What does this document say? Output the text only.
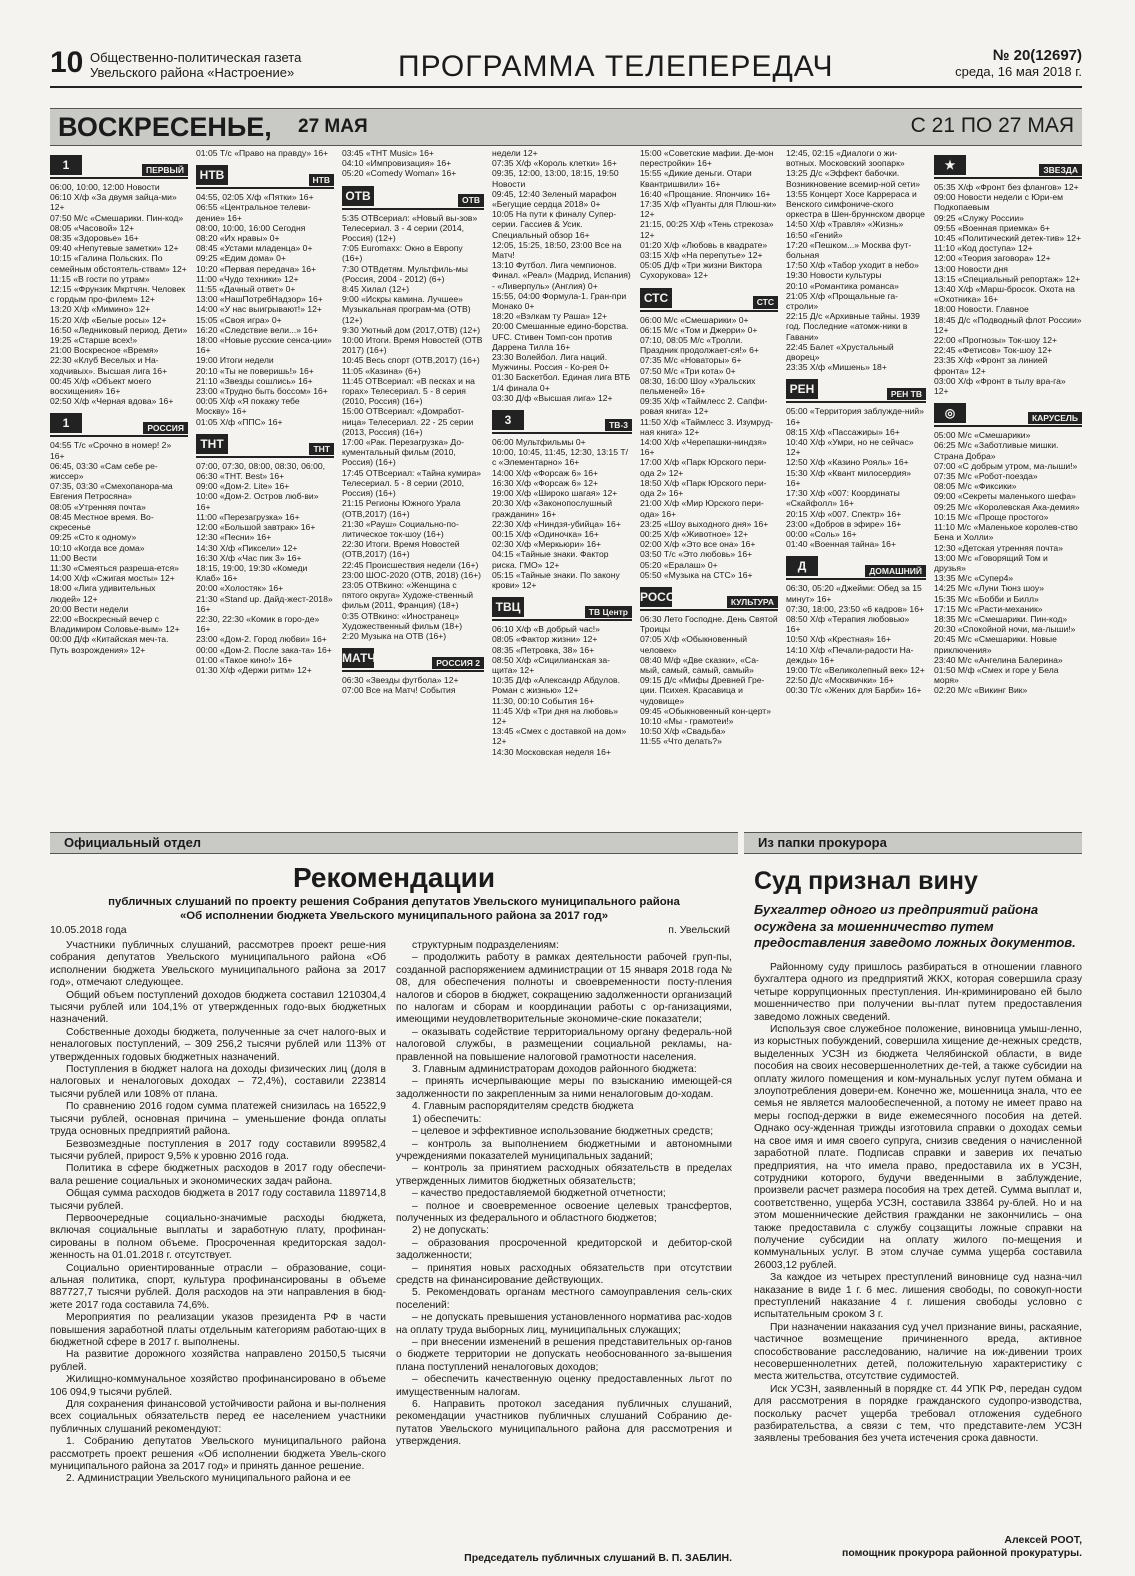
10 Общественно-политическая газета
Увельского района «Настроение»	ПРОГРАММА ТЕЛЕПЕРЕДАЧ	№ 20(12697)
среда, 16 мая 2018 г.
ВОСКРЕСЕНЬЕ, 27 МАЯ	С 21 ПО 27 МАЯ
1	ПЕРВЫЙ
06:00, 10:00, 12:00 Новости
06:10 Х/ф «За двумя зайца-ми» 12+
07:50 М/с «Смешарики. Пин-код»
08:05 «Часовой» 12+
08:35 «Здоровье» 16+
09:40 «Непутевые заметки» 12+
10:15 «Галина Польских. По семейным обстоятель-ствам» 12+
11:15 «В гости по утрам»
12:15 «Фрунзик Мкртчян. Человек с гордым про-филем» 12+
13:20 Х/ф «Мимино» 12+
15:20 Х/ф «Белые росы» 12+
16:50 «Ледниковый период. Дети»
19:25 «Старше всех!»
21:00 Воскресное «Время»
22:30 «Клуб Веселых и На-ходчивых». Высшая лига 16+
00:45 Х/ф «Объект моего восхищения» 16+
02:50 Х/ф «Черная вдова» 16+
1	РОССИЯ
04:55 Т/с «Срочно в номер! 2» 16+
06:45, 03:30 «Сам себе ре-жиссер»
07:35, 03:30 «Смехопанора-ма Евгения Петросяна»
08:05 «Утренняя почта»
08:45 Местное время. Во-скресенье
09:25 «Сто к одному»
10:10 «Когда все дома»
11:00 Вести
11:30 «Смеяться разреша-ется»
14:00 Х/ф «Сжигая мосты» 12+
18:00 «Лига удивительных людей» 12+
20:00 Вести недели
22:00 «Воскресный вечер с Владимиром Соловье-вым» 12+
00:00 Д/ф «Китайская меч-та. Путь возрождения» 12+
01:05 Т/с «Право на правду» 16+
НТВ	НТВ
04:55, 02:05 Х/ф «Пятки» 16+
06:55 «Центральное телеви-дение» 16+
08:00, 10:00, 16:00 Сегодня
08:20 «Их нравы» 0+
08:45 «Устами младенца» 0+
09:25 «Едим дома» 0+
10:20 «Первая передача» 16+
11:00 «Чудо техники» 12+
11:55 «Дачный ответ» 0+
13:00 «НашПотребНадзор» 16+
14:00 «У нас выигрывают!» 12+
15:05 «Своя игра» 0+
16:20 «Следствие вели...» 16+
18:00 «Новые русские сенса-ции» 16+
19:00 Итоги недели
20:10 «Ты не поверишь!» 16+
21:10 «Звезды сошлись» 16+
23:00 «Трудно быть боссом» 16+
00:05 Х/ф «Я покажу тебе Москву» 16+
01:05 Х/ф «ППС» 16+
ТНТ	ТНТ
07:00, 07:30, 08:00, 08:30, 06:00, 06:30 «ТНТ. Best» 16+
09:00 «Дом-2. Lite» 16+
10:00 «Дом-2. Остров люб-ви» 16+
11:00 «Перезагрузка» 16+
12:00 «Большой завтрак» 16+
12:30 «Песни» 16+
14:30 Х/ф «Пиксели» 12+
16:30 Х/ф «Час пик 3» 16+
18:15, 19:00, 19:30 «Комеди Клаб» 16+
20:00 «Холостяк» 16+
21:30 «Stand up. Дайд-жест-2018» 16+
22:30, 22:30 «Комик в горо-де» 16+
23:00 «Дом-2. Город любви» 16+
00:00 «Дом-2. После зака-та» 16+
01:00 «Такое кино!» 16+
01:30 Х/ф «Держи ритм» 12+
03:45 «ТНТ Music» 16+
04:10 «Импровизация» 16+
05:20 «Comedy Woman» 16+
ОТВ	ОТВ
5:35 ОТВсериал: «Новый вы-зов» Телесериал. 3 - 4 серии (2014, Россия) (12+)
7:05 Euromaxx: Окно в Европу (16+)
7:30 ОТВдетям. Мультфиль-мы (Россия, 2004 - 2012) (6+)
8:45 Хилал (12+)
9:00 «Искры камина. Лучшее» Музыкальная програм-ма (ОТВ) (12+)
9:30 Уютный дом (2017,ОТВ) (12+)
10:00 Итоги. Время Новостей (ОТВ 2017) (16+)
10:45 Весь спорт (ОТВ,2017) (16+)
11:05 «Казина» (6+)
11:45 ОТВсериал: «В песках и на горах» Телесериал. 5 - 8 серия (2010, Россия) (16+)
15:00 ОТВсериал: «Домработ-ница» Телесериал. 22 - 25 серии (2013, Россия) (16+)
17:00 «Рак. Перезагрузка» До-кументальный фильм (2010, Россия) (16+)
17:45 ОТВсериал: «Тайна кумира» Телесериал. 5 - 8 серии (2010, Россия) (16+)
21:15 Регионы Южного Урала (ОТВ,2017) (16+)
21:30 «Рауш» Социально-по-литическое ток-шоу (16+)
22:30 Итоги. Время Новостей (ОТВ,2017) (16+)
22:45 Происшествия недели (16+)
23:00 ШОС-2020 (ОТВ, 2018) (16+)
23:05 ОТВкино: «Женщина с пятого округа» Художе-ственный фильм (2011, Франция) (18+)
0:35 ОТВкино: «Иностранец» Художественный фильм (18+)
2:20 Музыка на ОТВ (16+)
МАТЧ!	РОССИЯ 2
06:30 «Звезды футбола» 12+
07:00 Все на Матч! События
недели 12+
07:35 Х/ф «Король клетки» 16+
09:35, 12:00, 13:00, 18:15, 19:50 Новости
09:45, 12:40 Зеленый марафон «Бегущие сердца 2018» 0+
10:05 На пути к финалу Супер-серии. Гассиев & Усик. Специальный обзор 16+
12:05, 15:25, 18:50, 23:00 Все на Матч!
13:10 Футбол. Лига чемпионов. Финал. «Реал» (Мадрид, Испания) - «Ливерпуль» (Англия) 0+
15:55, 04:00 Формула-1. Гран-при Монако 0+
18:20 «Вэлкам ту Раша» 12+
20:00 Смешанные едино-борства. UFC. Стивен Томп-сон против Даррена Тилла 16+
23:30 Волейбол. Лига наций. Мужчины. Россия - Ко-рея 0+
01:30 Баскетбол. Единая лига ВТБ 1/4 финала 0+
03:30 Д/ф «Высшая лига» 12+
3	ТВ-3
06:00 Мультфильмы 0+
10:00, 10:45, 11:45, 12:30, 13:15 Т/с «Элементарно» 16+
14:00 Х/ф «Форсаж 6» 16+
16:30 Х/ф «Форсаж 6» 12+
19:00 Х/ф «Широко шагая» 12+
20:30 Х/ф «Законопослушный гражданин» 16+
22:30 Х/ф «Ниндзя-убийца» 16+
00:15 Х/ф «Одиночка» 16+
02:30 Х/ф «Меркьюри» 16+
04:15 «Тайные знаки. Фактор риска. ГМО» 12+
05:15 «Тайные знаки. По закону крови» 12+
ТВЦ	ТВ Центр
06:10 Х/ф «В добрый час!»
08:05 «Фактор жизни» 12+
08:35 «Петровка, 38» 16+
08:50 Х/ф «Сицилианская за-щита» 12+
10:35 Д/ф «Александр Абдулов. Роман с жизнью» 12+
11:30, 00:10 События 16+
11:45 Х/ф «Три дня на любовь» 12+
13:45 «Смех с доставкой на дом» 12+
14:30 Московская неделя 16+
15:00 «Советские мафии. Де-мон перестройки» 16+
15:55 «Дикие деньги. Отари Квантришвили» 16+
16:40 «Прощание. Япончик» 16+
17:35 Х/ф «Пуанты для Плюш-ки» 12+
21:15, 00:25 Х/ф «Тень стрекоза» 12+
01:20 Х/ф «Любовь в квадрате»
03:15 Х/ф «На перепутье» 12+
05:05 Д/ф «Три жизни Виктора Сухорукова» 12+
СТС	СТС
06:00 М/с «Смешарики» 0+
06:15 М/с «Том и Джерри» 0+
07:10, 08:05 М/с «Тролли. Праздник продолжает-ся!» 6+
07:35 М/с «Новаторы» 6+
07:50 М/с «Три кота» 0+
08:30, 16:00 Шоу «Уральских пельменей» 16+
09:35 Х/ф «Таймлесс 2. Сапфи-ровая книга» 12+
11:50 Х/ф «Таймлесс 3. Изумруд-ная книга» 12+
14:00 Х/ф «Черепашки-ниндзя» 16+
17:00 Х/ф «Парк Юрского пери-ода 2» 12+
18:50 Х/ф «Парк Юрского пери-ода 2» 16+
21:00 Х/ф «Мир Юрского пери-ода» 16+
23:25 «Шоу выходного дня» 16+
00:25 Х/ф «Животное» 12+
02:00 Х/ф «Это все она» 16+
03:50 Т/с «Это любовь» 16+
05:20 «Ералаш» 0+
05:50 «Музыка на СТС» 16+
РОССИЯ	КУЛЬТУРА
06:30 Лето Господне. День Святой Троицы
07:05 Х/ф «Обыкновенный человек»
08:40 М/ф «Две сказки», «Са-мый, самый, самый, самый»
09:15 Д/с «Мифы Древней Гре-ции. Психея. Красавица и чудовище»
09:45 «Обыкновенный кон-церт»
10:10 «Мы - грамотеи!»
10:50 Х/ф «Свадьба»
11:55 «Что делать?»
12:45, 02:15 «Диалоги о жи-вотных. Московский зоопарк»
13:25 Д/с «Эффект бабочки. Возникновение всемир-ной сети»
13:55 Концерт Хосе Каррераса и Венского симфониче-ского оркестра в Шен-бруннском дворце
14:50 Х/ф «Травля» «Жизнь»
16:50 «Гений»
17:20 «Пешком...» Москва фут-больная
17:50 Х/ф «Табор уходит в небо»
19:30 Новости культуры
20:10 «Романтика романса»
21:05 Х/ф «Прощальные га-строли»
22:15 Д/с «Архивные тайны. 1939 год. Последние «атомж-ники в Гавани»
22:45 Балет «Хрустальный дворец»
23:35 Х/ф «Мишень» 18+
РЕН	РЕН ТВ
05:00 «Территория заблужде-ний» 16+
08:15 Х/ф «Пассажиры» 16+
10:40 Х/ф «Умри, но не сейчас» 12+
12:50 Х/ф «Казино Рояль» 16+
15:30 Х/ф «Квант милосердия» 16+
17:30 Х/ф «007: Координаты «Скайфолл» 16+
20:15 Х/ф «007. Спектр» 16+
23:00 «Добров в эфире» 16+
00:00 «Соль» 16+
01:40 «Военная тайна» 16+
Д	ДОМАШНИЙ
06:30, 05:20 «Джейми: Обед за 15 минут» 16+
07:30, 18:00, 23:50 «6 кадров» 16+
08:50 Х/ф «Терапия любовью» 16+
10:50 Х/ф «Крестная» 16+
14:10 Х/ф «Печали-радости На-дежды» 16+
19:00 Т/с «Великолепный век» 12+
22:50 Д/с «Москвички» 16+
00:30 Т/с «Жених для Барби» 16+
★	ЗВЕЗДА
05:35 Х/ф «Фронт без флангов» 12+
09:00 Новости недели с Юри-ем Подкопаевым
09:25 «Служу России»
09:55 «Военная приемка» 6+
10:45 «Политический детек-тив» 12+
11:10 «Код доступа» 12+
12:00 «Теория заговора» 12+
13:00 Новости дня
13:15 «Специальный репортаж» 12+
13:40 Х/ф «Марш-бросок. Охота на «Охотника» 16+
18:00 Новости. Главное
18:45 Д/с «Подводный флот России» 12+
22:00 «Прогнозы» Ток-шоу 12+
22:45 «Фетисов» Ток-шоу 12+
23:35 Х/ф «Фронт за линией фронта» 12+
03:00 Х/ф «Фронт в тылу вра-га» 12+
◎	КАРУСЕЛЬ
05:00 М/с «Смешарики»
06:25 М/с «Заботливые мишки. Страна Добра»
07:00 «С добрым утром, ма-лыши!»
07:35 М/с «Робот-поезда»
08:05 М/с «Фиксики»
09:00 «Секреты маленького шефа»
09:25 М/с «Королевская Ака-демия»
10:15 М/с «Проще простого»
11:10 М/с «Маленькое королев-ство Бена и Холли»
12:30 «Детская утренняя почта»
13:00 М/с «Говорящий Том и друзья»
13:35 М/с «Супер4»
14:25 М/с «Луни Тюнз шоу»
15:35 М/с «Бобби и Билл»
17:15 М/с «Расти-механик»
18:35 М/с «Смешарики. Пин-код»
20:30 «Спокойной ночи, ма-лыши!»
20:45 М/с «Смешарики. Новые приключения»
23:40 М/с «Ангелина Балерина»
01:50 М/ф «Смех и горе у Бела моря»
02:20 М/с «Викинг Вик»
Официальный отдел	Из папки прокурора
Рекомендации
публичных слушаний по проекту решения Собрания депутатов Увельского муниципального района
«Об исполнении бюджета Увельского муниципального района за 2017 год»
10.05.2018 года	п. Увельский

Участники публичных слушаний, рассмотрев проект реше-ния собрания депутатов Увельского муниципального района «Об исполнении бюджета Увельского муниципального района за 2017 год», отмечают следующее.

Общий объем поступлений доходов бюджета составил 1210304,4 тысячи рублей или 104,1% от утвержденных годо-вых бюджетных назначений.

Собственные доходы бюджета, полученные за счет налого-вых и неналоговых поступлений, – 309 256,2 тысячи рублей или 113% от утвержденных годовых бюджетных назначений.

Поступления в бюджет налога на доходы физических лиц (доля в налоговых и неналоговых доходах – 72,4%), составили 223814 тысячи рублей или 108% от плана.

По сравнению 2016 годом сумма платежей снизилась на 16522,9 тысячи рублей, основная причина – уменьшение фонда оплаты труда основных предприятий района.

Безвозмездные поступления в 2017 году составили 899582,4 тысячи рублей, прирост 9,5% к уровню 2016 года.

Политика в сфере бюджетных расходов в 2017 году обеспечи-вала решение социальных и экономических задач района.

Общая сумма расходов бюджета в 2017 году составила 1189714,8 тысячи рублей.

Первоочередные социально-значимые расходы бюджета, включая социальные выплаты и заработную плату, профинан-сированы в полном объеме. Просроченная кредиторская задол-женность на 01.01.2018 г. отсутствует.

Социально ориентированные отрасли – образование, соци-альная политика, спорт, культура профинансированы в объеме 887727,7 тысячи рублей. Доля расходов на эти направления в бюд-жете 2017 года составила 74,6%.

Мероприятия по реализации указов президента РФ в части повышения заработной платы отдельным категориям работаю-щих в бюджетной сфере в 2017 г. выполнены.

На развитие дорожного хозяйства направлено 20150,5 тысячи рублей.

Жилищно-коммунальное хозяйство профинансировано в объеме 106 094,9 тысячи рублей.

Для сохранения финансовой устойчивости района и вы-полнения всех социальных обязательств перед ее населением участники публичных слушаний рекомендуют:

1. Собранию депутатов Увельского муниципального района рассмотреть проект решения «Об исполнении бюджета Увель-ского муниципального района за 2017 год» и принять данное решение.

2. Администрации Увельского муниципального района и ее

структурным подразделениям:

– продолжить работу в рамках деятельности рабочей груп-пы, созданной распоряжением администрации от 15 января 2018 года № 08, для обеспечения полноты и своевременности посту-пления налогов и сборов в бюджет, сокращению задолженности организаций по налогам и сборам и координации работы с ор-ганизациями, имеющими неудовлетворительные экономиче-ские показатели;

– оказывать содействие территориальному органу федераль-ной налоговой службы, в размещении социальной рекламы, на-правленной на повышение налоговой грамотности населения.

3. Главным администраторам доходов районного бюджета:

– принять исчерпывающие меры по взысканию имеющей-ся задолженности по закрепленным за ними неналоговым до-ходам.

4. Главным распорядителям средств бюджета

1) обеспечить:

– целевое и эффективное использование бюджетных средств;

– контроль за выполнением бюджетными и автономными учреждениями показателей муниципальных заданий;

– контроль за принятием расходных обязательств в пределах утвержденных лимитов бюджетных обязательств;

– качество предоставляемой бюджетной отчетности;

– полное и своевременное освоение целевых трансфертов, полученных из федерального и областного бюджетов;

2) не допускать:

– образования просроченной кредиторской и дебитор-ской задолженности;

– принятия новых расходных обязательств при отсутствии средств на финансирование действующих.

5. Рекомендовать органам местного самоуправления сель-ских поселений:

– не допускать превышения установленного норматива рас-ходов на оплату труда выборных лиц, муниципальных служащих;

– при внесении изменений в решения представительных ор-ганов о бюджете территории не допускать необоснованного за-вышения плана поступлений неналоговых доходов;

– обеспечить качественную оценку предоставленных льгот по имущественным налогам.

6. Направить протокол заседания публичных слушаний, рекомендации участников публичных слушаний Собранию де-путатов Увельского муниципального района для рассмотрения и утверждения.

Председатель публичных слушаний В. П. ЗАБЛИН.
Суд признал вину
Бухгалтер одного из предприятий района осуждена за мошенничество путем предоставления заведомо ложных документов.

Районному суду пришлось разбираться в отношении главного бухгалтера одного из предприятий ЖКХ, которая совершила сразу четыре коррупционных преступления. Ин-криминировано ей было мошенничество при получении вы-плат путем предоставления заведомо ложных сведений.

Используя свое служебное положение, виновница умыш-ленно, из корыстных побуждений, совершила хищение де-нежных средств, выделенных УСЗН из бюджета Челябинской области, в виде пособия на своих несовершеннолетних де-тей, а также субсидии на оплату жилого помещения и ком-мунальных услуг путем обмана и злоупотребления довери-ем. Конечно же, мошенница знала, что ее семья не является малообеспеченной, а потому не имеет право на меры господ-держки в виде ежемесячного пособия на детей. Однако осу-жденная трижды изготовила справки о доходах семьи на свое имя и имя своего супруга, снизив сведения о начисленной заработной плате. Подписав справки и заверив их печатью предприятия, на что имела право, предоставила их в УСЗН, сотрудники которого, будучи введенными в заблуждение, произвели расчет размера пособия на трех детей. Сумма выплат и, соответственно, ущерба УСЗН, составила 33864 ру-блей. Но и на этом мошеннические действия гражданки не закончились – она также предоставила с службу соцзащиты ложные справки на получение субсидии на оплату жилого по-мещения и коммунальных услуг. В этом случае сумма ущерба составила 26003,12 рублей.

За каждое из четырех преступлений виновнице суд назна-чил наказание в виде 1 г. 6 мес. лишения свободы, по совокуп-ности преступлений наказание 4 г. лишения свободы условно с испытательным сроком 3 г.

При назначении наказания суд учел признание вины, раскаяние, частичное возмещение причиненного вреда, активное способствование расследованию, наличие на иж-дивении троих несовершеннолетних детей, положительную характеристику с места жительства, отсутствие судимостей.

Иск УСЗН, заявленный в порядке ст. 44 УПК РФ, передан судом для рассмотрения в порядке гражданского судопро-изводства, поскольку расчет ущерба требовал отложения судебного разбирательства, а связи с тем, что представите-лем УСЗН заявлены требования без учета истечения срока давности.

Алексей РООТ,
помощник прокурора районной прокуратуры.
